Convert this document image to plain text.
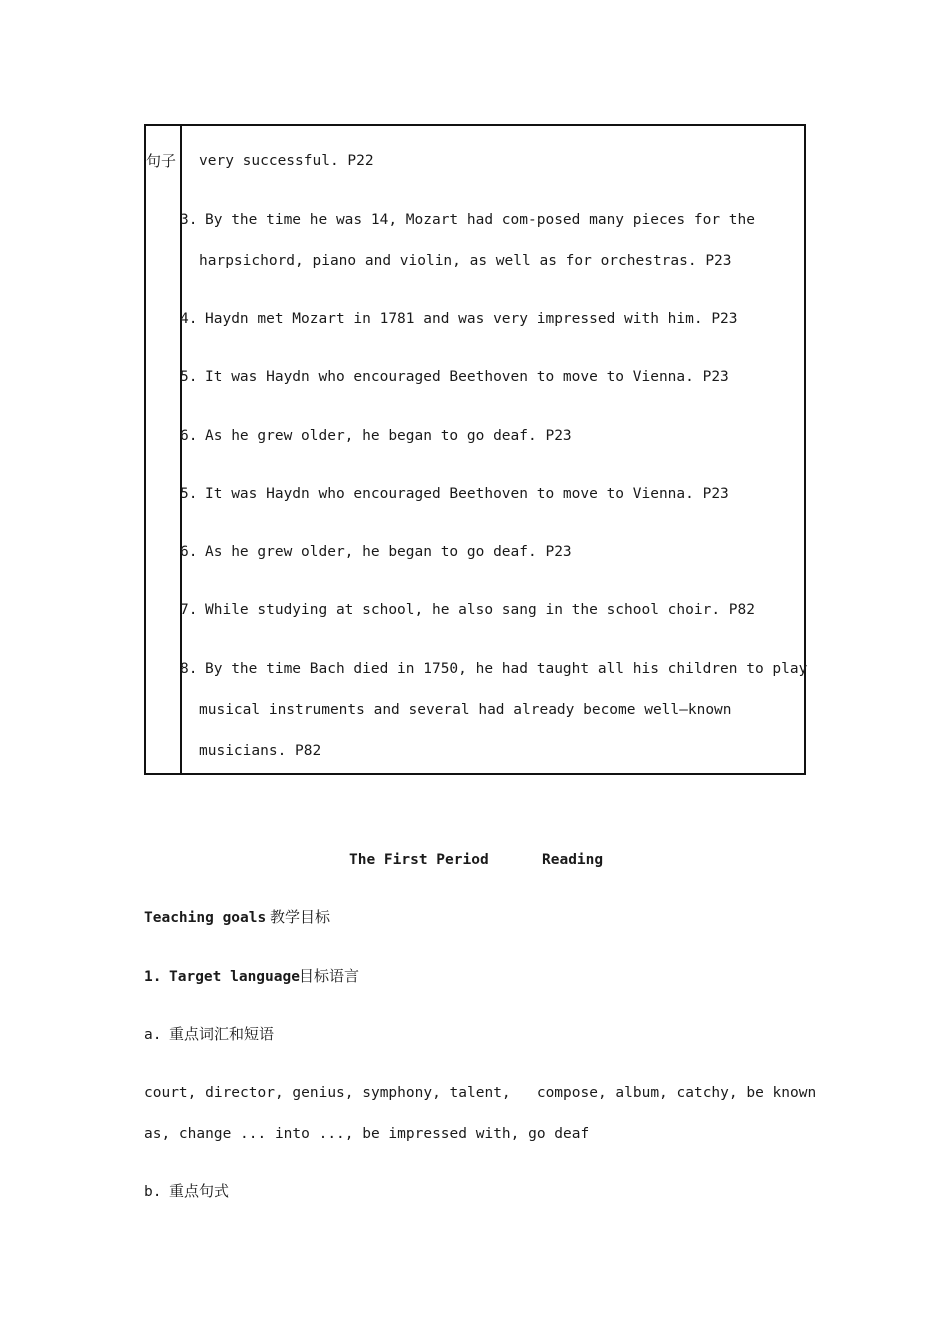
句子 very successful. P22
3. By the time he was 14, Mozart had com-posed many pieces for the
harpsichord, piano and violin, as well as for orchestras. P23
4. Haydn met Mozart in 1781 and was very impressed with him. P23
5. It was Haydn who encouraged Beethoven to move to Vienna. P23
6. As he grew older, he began to go deaf. P23
5. It was Haydn who encouraged Beethoven to move to Vienna. P23
6. As he grew older, he began to go deaf. P23
7. While studying at school, he also sang in the school choir. P82
8. By the time Bach died in 1750, he had taught all his children to play
musical instruments and several had already become well—known
musicians. P82
The First Period	Reading
Teaching goals 教学目标
1. Target language 目标语言
a. 重点词汇和短语
court, director, genius, symphony, talent,   compose, album, catchy, be known
as, change ... into ..., be impressed with, go deaf
b. 重点句式
